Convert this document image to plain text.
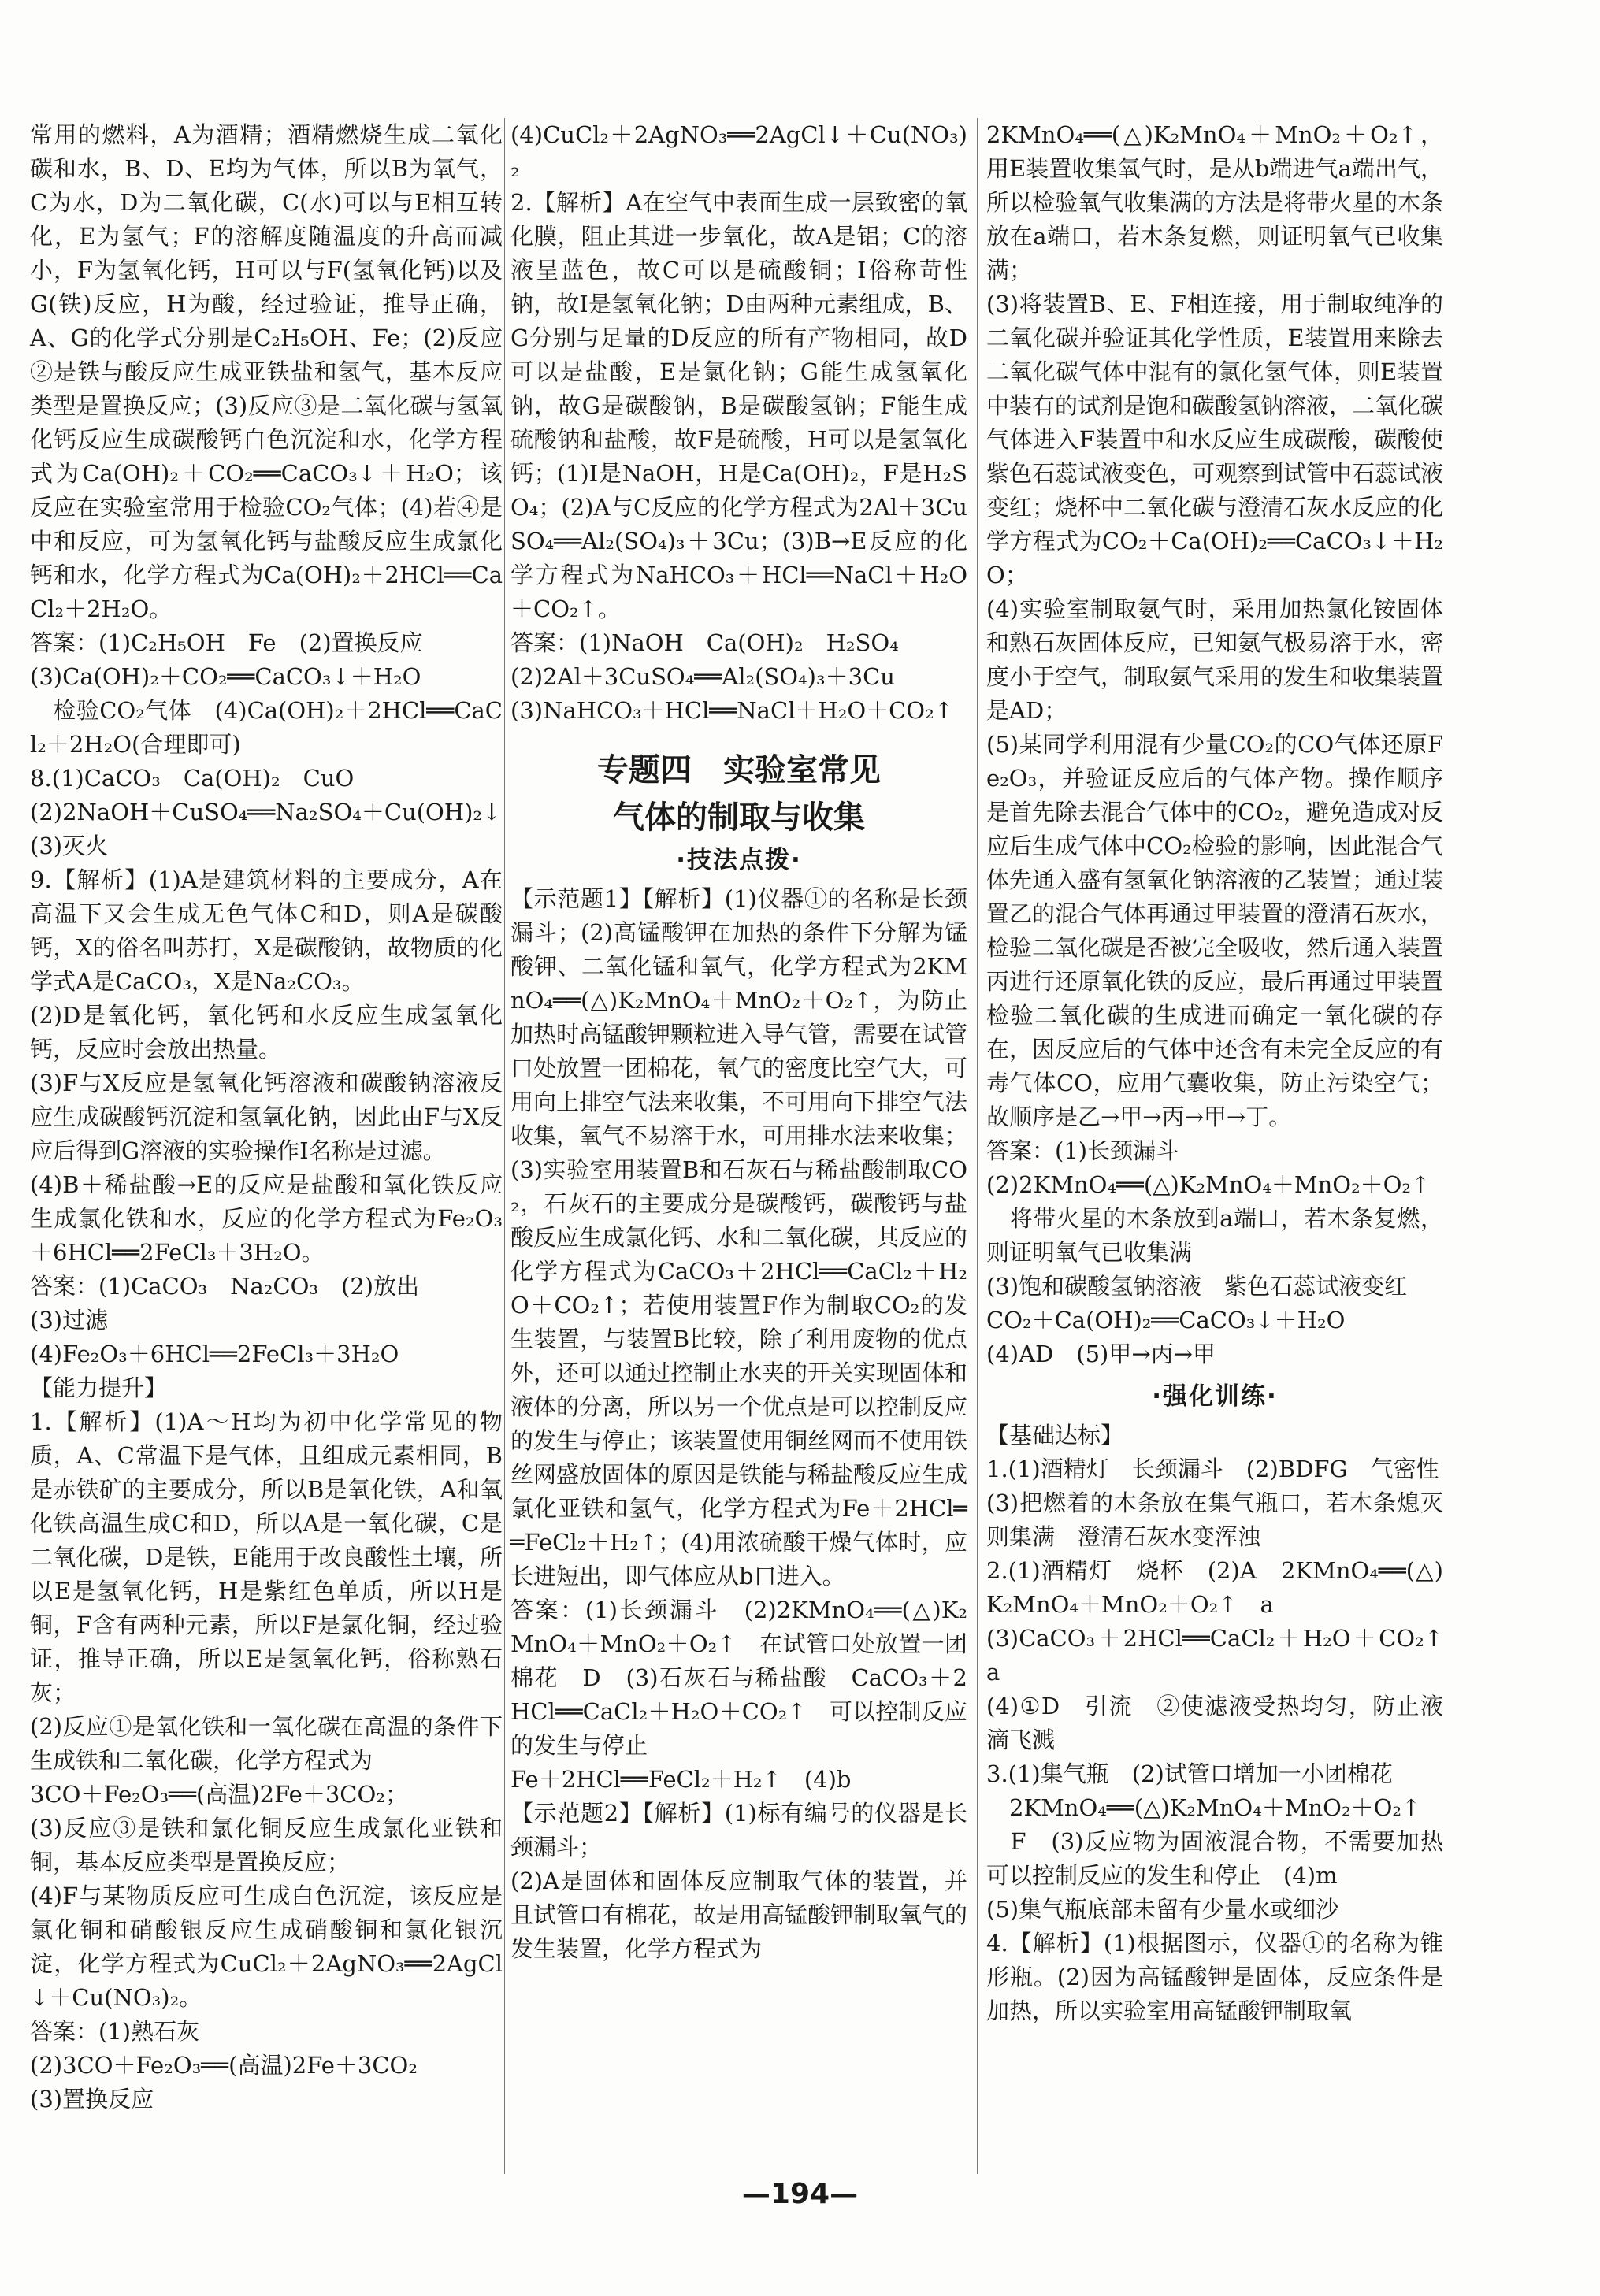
常用的燃料，A为酒精；酒精燃烧生成二氧化碳和水，B、D、E均为气体，所以B为氧气，C为水，D为二氧化碳，C(水)可以与E相互转化，E为氢气；F的溶解度随温度的升高而减小，F为氢氧化钙，H可以与F(氢氧化钙)以及G(铁)反应，H为酸，经过验证，推导正确，A、G的化学式分别是C₂H₅OH、Fe；(2)反应②是铁与酸反应生成亚铁盐和氢气，基本反应类型是置换反应；(3)反应③是二氧化碳与氢氧化钙反应生成碳酸钙白色沉淀和水，化学方程式为Ca(OH)₂＋CO₂══CaCO₃↓＋H₂O；该反应在实验室常用于检验CO₂气体；(4)若④是中和反应，可为氢氧化钙与盐酸反应生成氯化钙和水，化学方程式为Ca(OH)₂＋2HCl══CaCl₂＋2H₂O。

答案：(1)C₂H₅OH　Fe　(2)置换反应

(3)Ca(OH)₂＋CO₂══CaCO₃↓＋H₂O

　检验CO₂气体　(4)Ca(OH)₂＋2HCl══CaCl₂＋2H₂O(合理即可)

8.(1)CaCO₃　Ca(OH)₂　CuO

(2)2NaOH＋CuSO₄══Na₂SO₄＋Cu(OH)₂↓

(3)灭火

9.【解析】(1)A是建筑材料的主要成分，A在高温下又会生成无色气体C和D，则A是碳酸钙，X的俗名叫苏打，X是碳酸钠，故物质的化学式A是CaCO₃，X是Na₂CO₃。

(2)D是氧化钙，氧化钙和水反应生成氢氧化钙，反应时会放出热量。

(3)F与X反应是氢氧化钙溶液和碳酸钠溶液反应生成碳酸钙沉淀和氢氧化钠，因此由F与X反应后得到G溶液的实验操作Ⅰ名称是过滤。

(4)B＋稀盐酸→E的反应是盐酸和氧化铁反应生成氯化铁和水，反应的化学方程式为Fe₂O₃＋6HCl══2FeCl₃＋3H₂O。

答案：(1)CaCO₃　Na₂CO₃　(2)放出

(3)过滤

(4)Fe₂O₃＋6HCl══2FeCl₃＋3H₂O

【能力提升】

1.【解析】(1)A～H均为初中化学常见的物质，A、C常温下是气体，且组成元素相同，B是赤铁矿的主要成分，所以B是氧化铁，A和氧化铁高温生成C和D，所以A是一氧化碳，C是二氧化碳，D是铁，E能用于改良酸性土壤，所以E是氢氧化钙，H是紫红色单质，所以H是铜，F含有两种元素，所以F是氯化铜，经过验证，推导正确，所以E是氢氧化钙，俗称熟石灰；

(2)反应①是氧化铁和一氧化碳在高温的条件下生成铁和二氧化碳，化学方程式为

3CO＋Fe₂O₃══(高温)2Fe＋3CO₂；

(3)反应③是铁和氯化铜反应生成氯化亚铁和铜，基本反应类型是置换反应；

(4)F与某物质反应可生成白色沉淀，该反应是氯化铜和硝酸银反应生成硝酸铜和氯化银沉淀，化学方程式为CuCl₂＋2AgNO₃══2AgCl↓＋Cu(NO₃)₂。

答案：(1)熟石灰

(2)3CO＋Fe₂O₃══(高温)2Fe＋3CO₂

(3)置换反应

(4)CuCl₂＋2AgNO₃══2AgCl↓＋Cu(NO₃)₂

2.【解析】A在空气中表面生成一层致密的氧化膜，阻止其进一步氧化，故A是铝；C的溶液呈蓝色，故C可以是硫酸铜；I俗称苛性钠，故I是氢氧化钠；D由两种元素组成，B、G分别与足量的D反应的所有产物相同，故D可以是盐酸，E是氯化钠；G能生成氢氧化钠，故G是碳酸钠，B是碳酸氢钠；F能生成硫酸钠和盐酸，故F是硫酸，H可以是氢氧化钙；(1)I是NaOH，H是Ca(OH)₂，F是H₂SO₄；(2)A与C反应的化学方程式为2Al＋3CuSO₄══Al₂(SO₄)₃＋3Cu；(3)B→E反应的化学方程式为NaHCO₃＋HCl══NaCl＋H₂O＋CO₂↑。

答案：(1)NaOH　Ca(OH)₂　H₂SO₄

(2)2Al＋3CuSO₄══Al₂(SO₄)₃＋3Cu

(3)NaHCO₃＋HCl══NaCl＋H₂O＋CO₂↑

专题四　实验室常见
气体的制取与收集
·技法点拨·

【示范题1】【解析】(1)仪器①的名称是长颈漏斗；(2)高锰酸钾在加热的条件下分解为锰酸钾、二氧化锰和氧气，化学方程式为2KMnO₄══(△)K₂MnO₄＋MnO₂＋O₂↑，为防止加热时高锰酸钾颗粒进入导气管，需要在试管口处放置一团棉花，氧气的密度比空气大，可用向上排空气法来收集，不可用向下排空气法收集，氧气不易溶于水，可用排水法来收集；(3)实验室用装置B和石灰石与稀盐酸制取CO₂，石灰石的主要成分是碳酸钙，碳酸钙与盐酸反应生成氯化钙、水和二氧化碳，其反应的化学方程式为CaCO₃＋2HCl══CaCl₂＋H₂O＋CO₂↑；若使用装置F作为制取CO₂的发生装置，与装置B比较，除了利用废物的优点外，还可以通过控制止水夹的开关实现固体和液体的分离，所以另一个优点是可以控制反应的发生与停止；该装置使用铜丝网而不使用铁丝网盛放固体的原因是铁能与稀盐酸反应生成氯化亚铁和氢气，化学方程式为Fe＋2HCl══FeCl₂＋H₂↑；(4)用浓硫酸干燥气体时，应长进短出，即气体应从b口进入。

答案：(1)长颈漏斗　(2)2KMnO₄══(△)K₂MnO₄＋MnO₂＋O₂↑　在试管口处放置一团棉花　D　(3)石灰石与稀盐酸　CaCO₃＋2HCl══CaCl₂＋H₂O＋CO₂↑　可以控制反应的发生与停止

Fe＋2HCl══FeCl₂＋H₂↑　(4)b

【示范题2】【解析】(1)标有编号的仪器是长颈漏斗；

(2)A是固体和固体反应制取气体的装置，并且试管口有棉花，故是用高锰酸钾制取氧气的发生装置，化学方程式为

2KMnO₄══(△)K₂MnO₄＋MnO₂＋O₂↑，用E装置收集氧气时，是从b端进气a端出气，所以检验氧气收集满的方法是将带火星的木条放在a端口，若木条复燃，则证明氧气已收集满；

(3)将装置B、E、F相连接，用于制取纯净的二氧化碳并验证其化学性质，E装置用来除去二氧化碳气体中混有的氯化氢气体，则E装置中装有的试剂是饱和碳酸氢钠溶液，二氧化碳气体进入F装置中和水反应生成碳酸，碳酸使紫色石蕊试液变色，可观察到试管中石蕊试液变红；烧杯中二氧化碳与澄清石灰水反应的化学方程式为CO₂＋Ca(OH)₂══CaCO₃↓＋H₂O；

(4)实验室制取氨气时，采用加热氯化铵固体和熟石灰固体反应，已知氨气极易溶于水，密度小于空气，制取氨气采用的发生和收集装置是AD；

(5)某同学利用混有少量CO₂的CO气体还原Fe₂O₃，并验证反应后的气体产物。操作顺序是首先除去混合气体中的CO₂，避免造成对反应后生成气体中CO₂检验的影响，因此混合气体先通入盛有氢氧化钠溶液的乙装置；通过装置乙的混合气体再通过甲装置的澄清石灰水，检验二氧化碳是否被完全吸收，然后通入装置丙进行还原氧化铁的反应，最后再通过甲装置检验二氧化碳的生成进而确定一氧化碳的存在，因反应后的气体中还含有未完全反应的有毒气体CO，应用气囊收集，防止污染空气；故顺序是乙→甲→丙→甲→丁。

答案：(1)长颈漏斗

(2)2KMnO₄══(△)K₂MnO₄＋MnO₂＋O₂↑

　将带火星的木条放到a端口，若木条复燃，则证明氧气已收集满

(3)饱和碳酸氢钠溶液　紫色石蕊试液变红

CO₂＋Ca(OH)₂══CaCO₃↓＋H₂O

(4)AD　(5)甲→丙→甲

·强化训练·

【基础达标】

1.(1)酒精灯　长颈漏斗　(2)BDFG　气密性

(3)把燃着的木条放在集气瓶口，若木条熄灭则集满　澄清石灰水变浑浊

2.(1)酒精灯　烧杯　(2)A　2KMnO₄══(△)K₂MnO₄＋MnO₂＋O₂↑　a

(3)CaCO₃＋2HCl══CaCl₂＋H₂O＋CO₂↑　a

(4)①D　引流　②使滤液受热均匀，防止液滴飞溅

3.(1)集气瓶　(2)试管口增加一小团棉花

　2KMnO₄══(△)K₂MnO₄＋MnO₂＋O₂↑

　F　(3)反应物为固液混合物，不需要加热　可以控制反应的发生和停止　(4)m

(5)集气瓶底部未留有少量水或细沙

4.【解析】(1)根据图示，仪器①的名称为锥形瓶。(2)因为高锰酸钾是固体，反应条件是加热，所以实验室用高锰酸钾制取氧

—194—
